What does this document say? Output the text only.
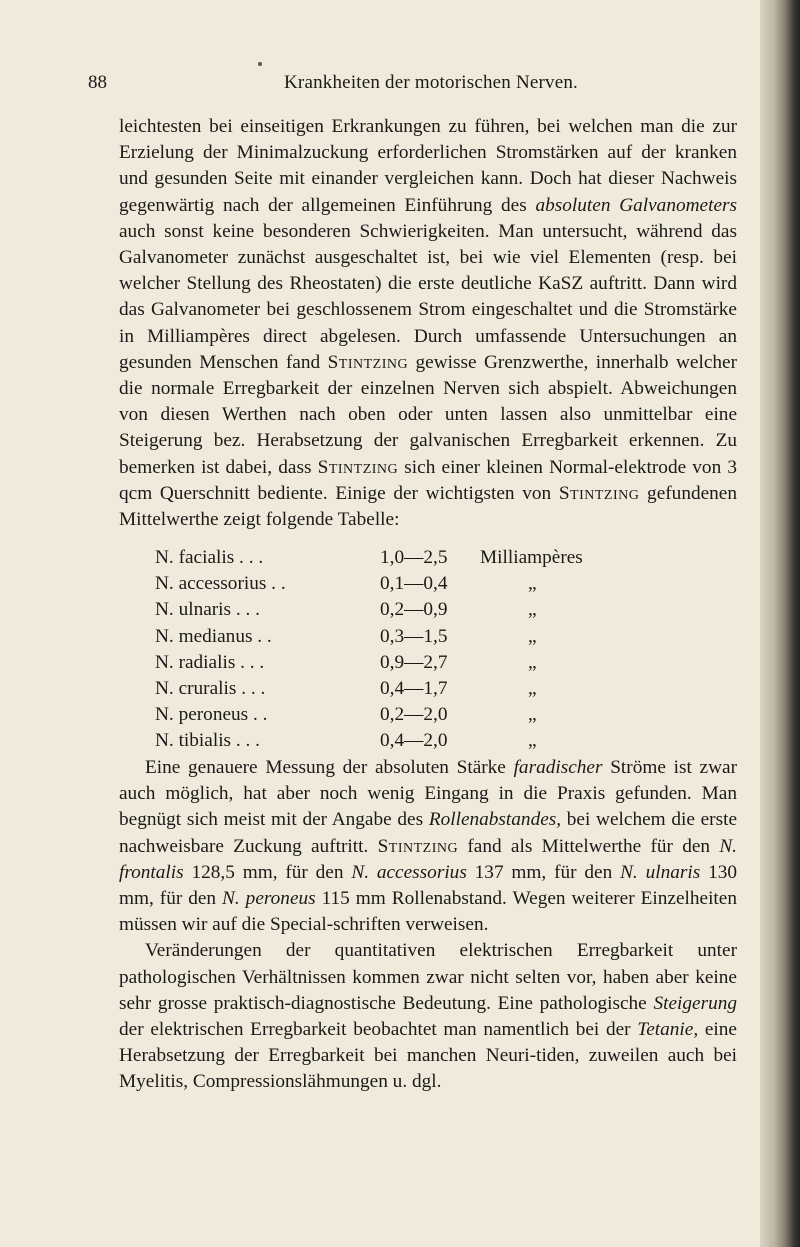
88	Krankheiten der motorischen Nerven.

leichtesten bei einseitigen Erkrankungen zu führen, bei welchen man die zur Erzielung der Minimalzuckung erforderlichen Stromstärken auf der kranken und gesunden Seite mit einander vergleichen kann. Doch hat dieser Nachweis gegenwärtig nach der allgemeinen Einführung des absoluten Galvanometers auch sonst keine besonderen Schwierigkeiten. Man untersucht, während das Galvanometer zunächst ausgeschaltet ist, bei wie viel Elementen (resp. bei welcher Stellung des Rheostaten) die erste deutliche KaSZ auftritt. Dann wird das Galvanometer bei geschlossenem Strom eingeschaltet und die Stromstärke in Milliampères direct abgelesen. Durch umfassende Untersuchungen an gesunden Menschen fand Stintzing gewisse Grenzwerthe, innerhalb welcher die normale Erregbarkeit der einzelnen Nerven sich abspielt. Abweichungen von diesen Werthen nach oben oder unten lassen also unmittelbar eine Steigerung bez. Herabsetzung der galvanischen Erregbarkeit erkennen. Zu bemerken ist dabei, dass Stintzing sich einer kleinen Normal-elektrode von 3 qcm Querschnitt bediente. Einige der wichtigsten von Stintzing gefundenen Mittelwerthe zeigt folgende Tabelle:

N. facialis . . .	1,0—2,5 Milliampères
N. accessorius . .	0,1—0,4	„
N. ulnaris . . .	0,2—0,9	„
N. medianus . .	0,3—1,5	„
N. radialis . . .	0,9—2,7	„
N. cruralis . . .	0,4—1,7	„
N. peroneus . .	0,2—2,0	„
N. tibialis . . .	0,4—2,0	„

Eine genauere Messung der absoluten Stärke faradischer Ströme ist zwar auch möglich, hat aber noch wenig Eingang in die Praxis gefunden. Man begnügt sich meist mit der Angabe des Rollenabstandes, bei welchem die erste nachweisbare Zuckung auftritt. Stintzing fand als Mittelwerthe für den N. frontalis 128,5 mm, für den N. accessorius 137 mm, für den N. ulnaris 130 mm, für den N. peroneus 115 mm Rollenabstand. Wegen weiterer Einzelheiten müssen wir auf die Special-schriften verweisen.

Veränderungen der quantitativen elektrischen Erregbarkeit unter pathologischen Verhältnissen kommen zwar nicht selten vor, haben aber keine sehr grosse praktisch-diagnostische Bedeutung. Eine pathologische Steigerung der elektrischen Erregbarkeit beobachtet man namentlich bei der Tetanie, eine Herabsetzung der Erregbarkeit bei manchen Neuri-tiden, zuweilen auch bei Myelitis, Compressionslähmungen u. dgl.
